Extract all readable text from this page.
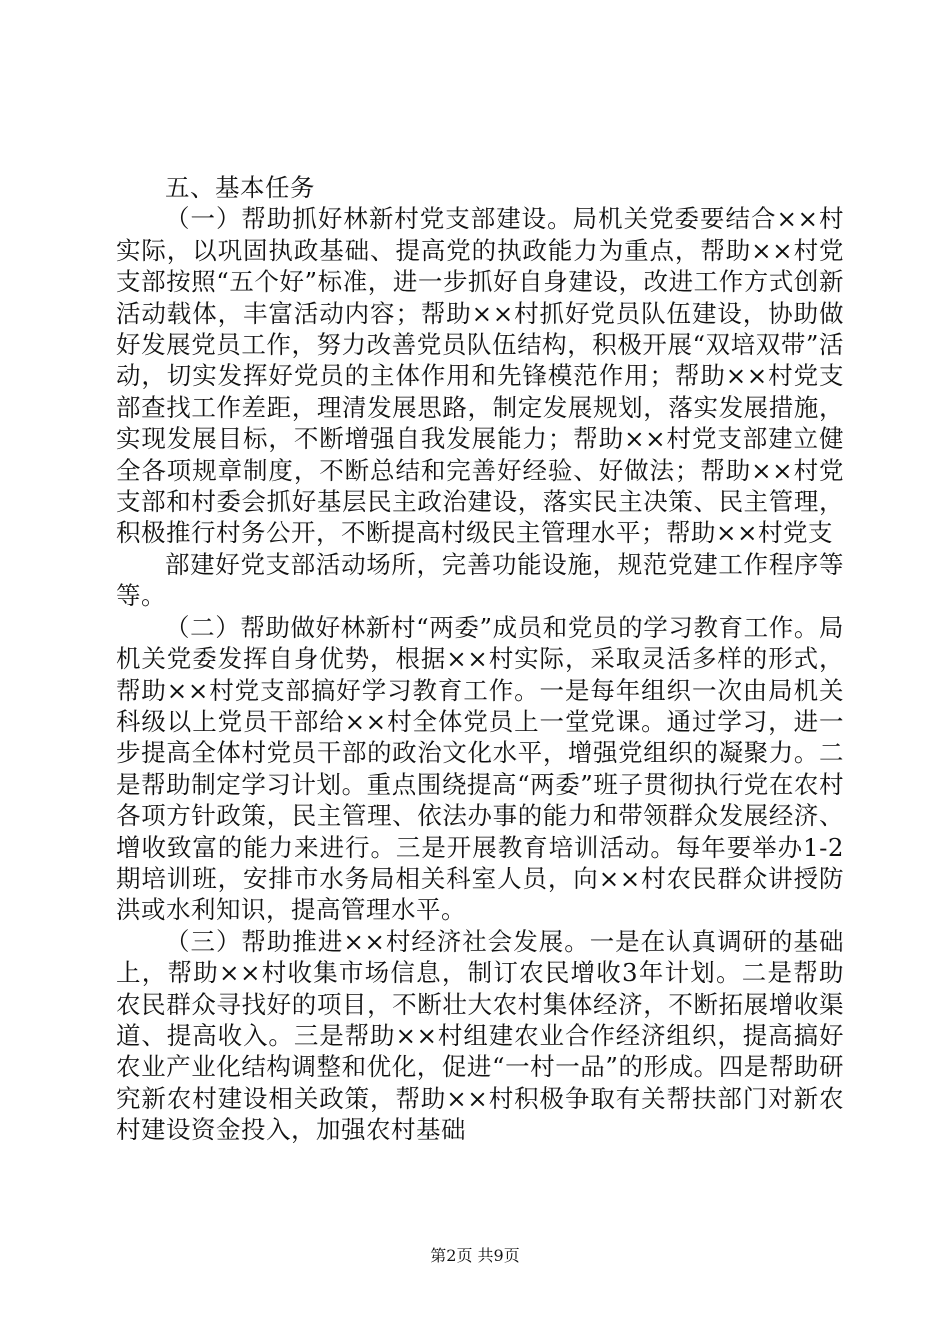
五、基本任务

（一）帮助抓好林新村党支部建设。局机关党委要结合××村实际，以巩固执政基础、提高党的执政能力为重点，帮助××村党支部按照“五个好”标准，进一步抓好自身建设，改进工作方式创新活动载体，丰富活动内容；帮助××村抓好党员队伍建设，协助做好发展党员工作，努力改善党员队伍结构，积极开展“双培双带”活动，切实发挥好党员的主体作用和先锋模范作用；帮助××村党支部查找工作差距，理清发展思路，制定发展规划，落实发展措施，实现发展目标，不断增强自我发展能力；帮助××村党支部建立健全各项规章制度，不断总结和完善好经验、好做法；帮助××村党支部和村委会抓好基层民主政治建设，落实民主决策、民主管理，积极推行村务公开，不断提高村级民主管理水平；帮助××村党支

部建好党支部活动场所，完善功能设施，规范党建工作程序等等。

（二）帮助做好林新村“两委”成员和党员的学习教育工作。局机关党委发挥自身优势，根据××村实际，采取灵活多样的形式，帮助××村党支部搞好学习教育工作。一是每年组织一次由局机关科级以上党员干部给××村全体党员上一堂党课。通过学习，进一步提高全体村党员干部的政治文化水平，增强党组织的凝聚力。二是帮助制定学习计划。重点围绕提高“两委”班子贯彻执行党在农村各项方针政策，民主管理、依法办事的能力和带领群众发展经济、增收致富的能力来进行。三是开展教育培训活动。每年要举办1-2期培训班，安排市水务局相关科室人员，向××村农民群众讲授防洪或水利知识，提高管理水平。

（三）帮助推进××村经济社会发展。一是在认真调研的基础上，帮助××村收集市场信息，制订农民增收3年计划。二是帮助农民群众寻找好的项目，不断壮大农村集体经济，不断拓展增收渠道、提高收入。三是帮助××村组建农业合作经济组织，提高搞好农业产业化结构调整和优化，促进“一村一品”的形成。四是帮助研究新农村建设相关政策，帮助××村积极争取有关帮扶部门对新农村建设资金投入，加强农村基础

第2页 共9页
